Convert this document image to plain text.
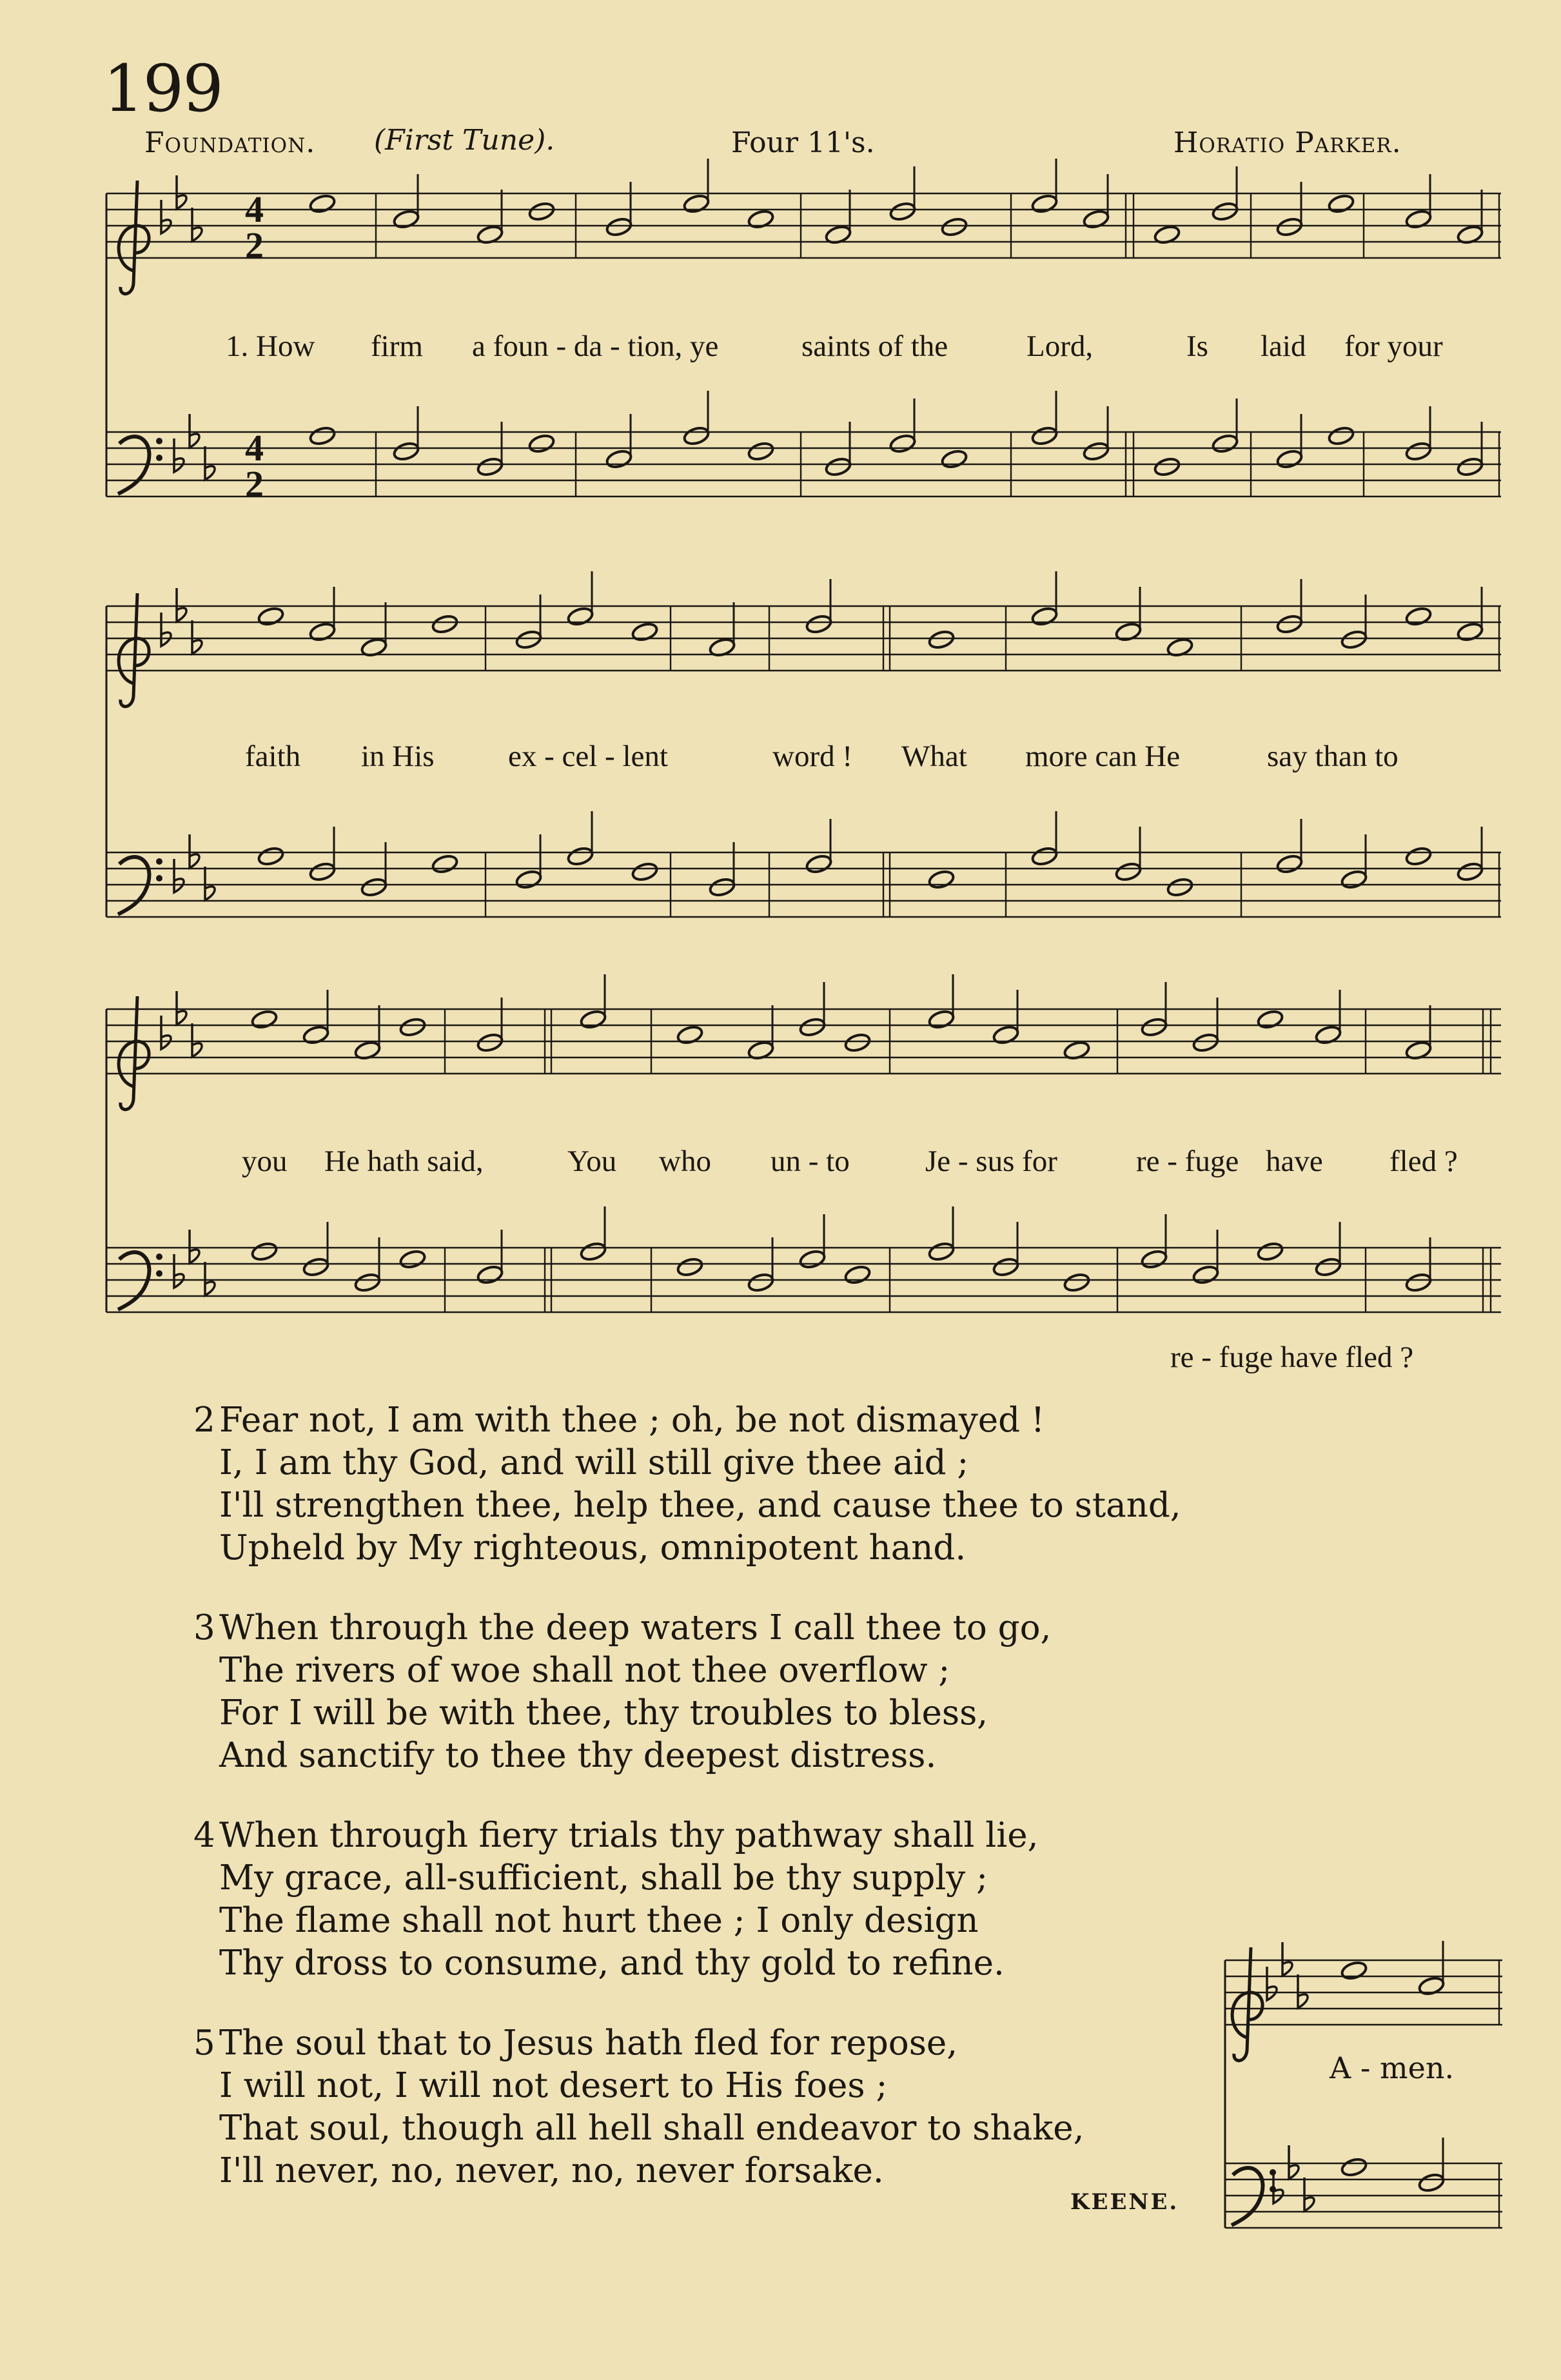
199
Foundation. (First Tune).	Four 11's.	Horatio Parker.
4
2
4
2
1. How firm a foun - da - tion, ye	saints of the	Lord,	Is laid for your
faith in His ex - cel - lent	word ! What more can He	say than to
you He hath said,	You who un - to Je - sus for	re - fuge have fled ?
re - fuge have fled ?
A - men.
2 Fear not, I am with thee ; oh, be not dismayed !
I, I am thy God, and will still give thee aid ;
I'll strengthen thee, help thee, and cause thee to stand,
Upheld by My righteous, omnipotent hand.
3 When through the deep waters I call thee to go,
The rivers of woe shall not thee overflow ;
For I will be with thee, thy troubles to bless,
And sanctify to thee thy deepest distress.
4 When through fiery trials thy pathway shall lie,
My grace, all-sufficient, shall be thy supply ;
The flame shall not hurt thee ; I only design
Thy dross to consume, and thy gold to refine.
5 The soul that to Jesus hath fled for repose,
I will not, I will not desert to His foes ;
That soul, though all hell shall endeavor to shake,
I'll never, no, never, no, never forsake.
KEENE.
